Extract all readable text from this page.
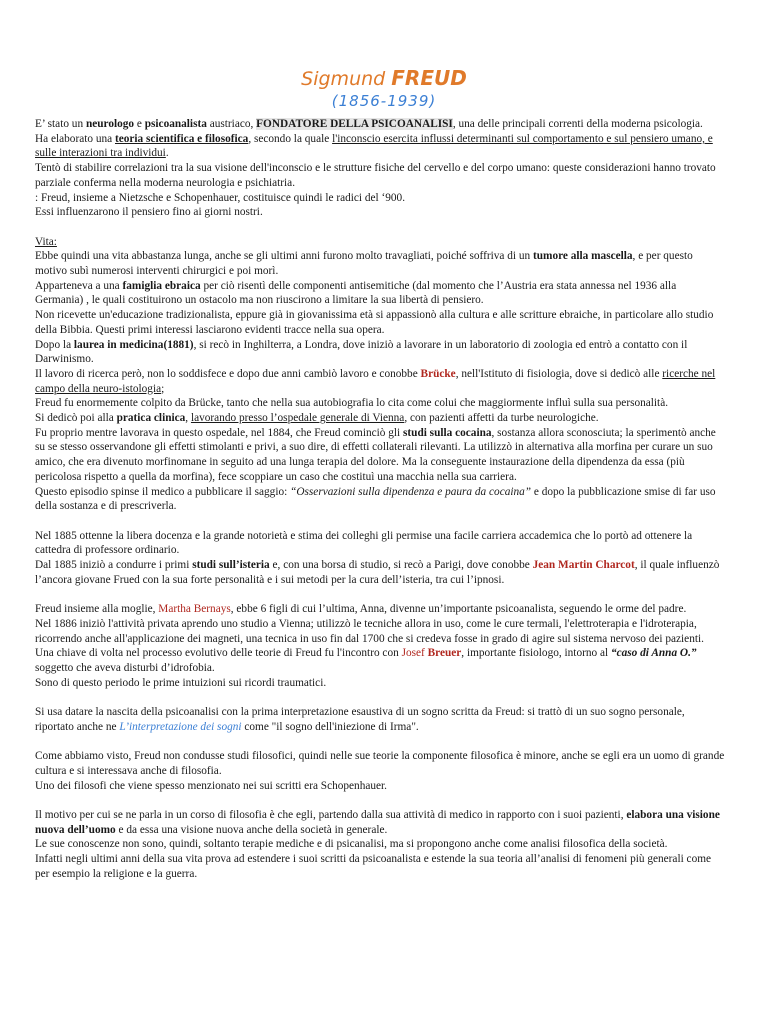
Sigmund FREUD
(1856-1939)

E’ stato un neurologo e psicoanalista austriaco, FONDATORE DELLA PSICOANALISI, una delle principali correnti della moderna psicologia.

Ha elaborato una teoria scientifica e filosofica, secondo la quale l'inconscio esercita influssi determinanti sul comportamento e sul pensiero umano, e sulle interazioni tra individui.

Tentò di stabilire correlazioni tra la sua visione dell'inconscio e le strutture fisiche del cervello e del corpo umano: queste considerazioni hanno trovato parziale conferma nella moderna neurologia e psichiatria.

: Freud, insieme a Nietzsche e Schopenhauer, costituisce quindi le radici del ‘900.

Essi influenzarono il pensiero fino ai giorni nostri.

Vita:

Ebbe quindi una vita abbastanza lunga, anche se gli ultimi anni furono molto travagliati, poiché soffriva di un tumore alla mascella, e per questo motivo subì numerosi interventi chirurgici e poi morì.

Apparteneva a una famiglia ebraica per ciò risentì delle componenti antisemitiche (dal momento che l’Austria era stata annessa nel 1936 alla Germania) , le quali costituirono un ostacolo ma non riuscirono a limitare la sua libertà di pensiero.

Non ricevette un'educazione tradizionalista, eppure già in giovanissima età si appassionò alla cultura e alle scritture ebraiche, in particolare allo studio della Bibbia. Questi primi interessi lasciarono evidenti tracce nella sua opera.

Dopo la laurea in medicina(1881), si recò in Inghilterra, a Londra, dove iniziò a lavorare in un laboratorio di zoologia ed entrò a contatto con il Darwinismo.

Il lavoro di ricerca però, non lo soddisfece e dopo due anni cambiò lavoro e conobbe Brücke, nell'Istituto di fisiologia, dove si dedicò alle ricerche nel campo della neuro-istologia;

Freud fu enormemente colpito da Brücke, tanto che nella sua autobiografia lo cita come colui che maggiormente influì sulla sua personalità.

Si dedicò poi alla pratica clinica, lavorando presso l’ospedale generale di Vienna, con pazienti affetti da turbe neurologiche.

Fu proprio mentre lavorava in questo ospedale, nel 1884, che Freud cominciò gli studi sulla cocaina, sostanza allora sconosciuta; la sperimentò anche su se stesso osservandone gli effetti stimolanti e privi, a suo dire, di effetti collaterali rilevanti. La utilizzò in alternativa alla morfina per curare un suo amico, che era divenuto morfinomane in seguito ad una lunga terapia del dolore. Ma la conseguente instaurazione della dipendenza da essa (più pericolosa rispetto a quella da morfina), fece scoppiare un caso che costituì una macchia nella sua carriera.

Questo episodio spinse il medico a pubblicare il saggio: “Osservazioni sulla dipendenza e paura da cocaina” e dopo la pubblicazione smise di far uso della sostanza e di prescriverla.

Nel 1885 ottenne la libera docenza e la grande notorietà e stima dei colleghi gli permise una facile carriera accademica che lo portò ad ottenere la cattedra di professore ordinario.

Dal 1885 iniziò a condurre i primi studi sull’isteria e, con una borsa di studio, si recò a Parigi, dove conobbe Jean Martin Charcot, il quale influenzò l’ancora giovane Frued con la sua forte personalità e i sui metodi per la cura dell’isteria, tra cui l’ipnosi.

Freud insieme alla moglie, Martha Bernays, ebbe 6 figli di cui l’ultima, Anna, divenne un’importante psicoanalista, seguendo le orme del padre.

Nel 1886 iniziò l'attività privata aprendo uno studio a Vienna; utilizzò le tecniche allora in uso, come le cure termali, l'elettroterapia e l'idroterapia, ricorrendo anche all'applicazione dei magneti, una tecnica in uso fin dal 1700 che si credeva fosse in grado di agire sul sistema nervoso dei pazienti.

Una chiave di volta nel processo evolutivo delle teorie di Freud fu l'incontro con Josef Breuer, importante fisiologo, intorno al “caso di Anna O.” soggetto che aveva disturbi d’idrofobia.

Sono di questo periodo le prime intuizioni sui ricordi traumatici.

Si usa datare la nascita della psicoanalisi con la prima interpretazione esaustiva di un sogno scritta da Freud: si trattò di un suo sogno personale, riportato anche ne L’interpretazione dei sogni come "il sogno dell'iniezione di Irma".

Come abbiamo visto, Freud non condusse studi filosofici, quindi nelle sue teorie la componente filosofica è minore, anche se egli era un uomo di grande cultura e si interessava anche di filosofia.

Uno dei filosofi che viene spesso menzionato nei sui scritti era Schopenhauer.

Il motivo per cui se ne parla in un corso di filosofia è che egli, partendo dalla sua attività di medico in rapporto con i suoi pazienti, elabora una visione nuova dell’uomo e da essa una visione nuova anche della società in generale.

Le sue conoscenze non sono, quindi, soltanto terapie mediche e di psicanalisi, ma si propongono anche come analisi filosofica della società.

Infatti negli ultimi anni della sua vita prova ad estendere i suoi scritti da psicoanalista e estende la sua teoria all’analisi di fenomeni più generali come per esempio la religione e la guerra.
